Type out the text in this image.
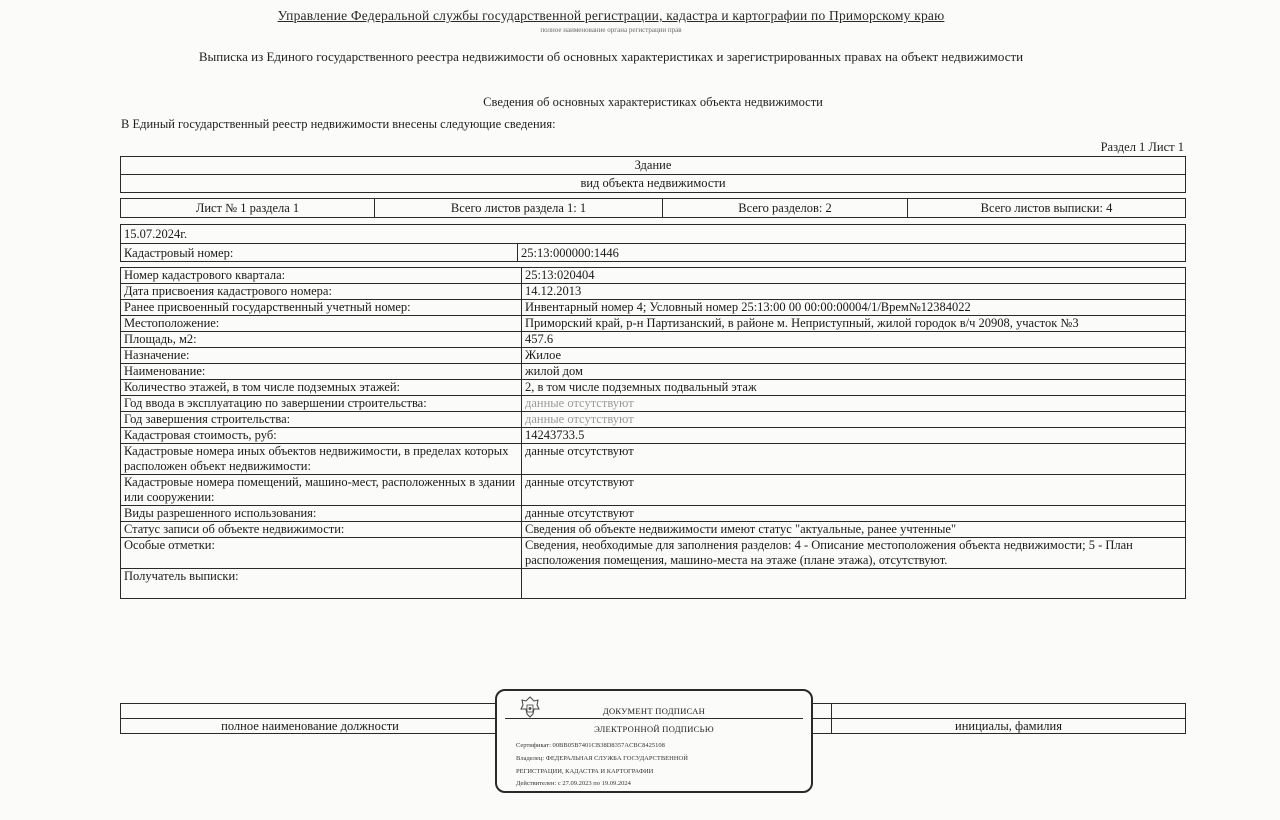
Управление Федеральной службы государственной регистрации, кадастра и картографии по Приморскому краю
полное наименование органа регистрации прав
Выписка из Единого государственного реестра недвижимости об основных характеристиках и зарегистрированных правах на объект недвижимости
Сведения об основных характеристиках объекта недвижимости
В Единый государственный реестр недвижимости внесены следующие сведения:
Раздел 1 Лист 1
Здание
вид объекта недвижимости
Лист № 1 раздела 1	Всего листов раздела 1: 1	Всего разделов: 2	Всего листов выписки: 4
15.07.2024г.
Кадастровый номер:	25:13:000000:1446
Номер кадастрового квартала:	25:13:020404
Дата присвоения кадастрового номера:	14.12.2013
Ранее присвоенный государственный учетный номер:	Инвентарный номер 4; Условный номер 25:13:00 00 00:00:00004/1/Врем№12384022
Местоположение:	Приморский край, р-н Партизанский, в районе м. Неприступный, жилой городок в/ч 20908, участок №3
Площадь, м2:	457.6
Назначение:	Жилое
Наименование:	жилой дом
Количество этажей, в том числе подземных этажей:	2, в том числе подземных подвальный этаж
Год ввода в эксплуатацию по завершении строительства:	данные отсутствуют
Год завершения строительства:	данные отсутствуют
Кадастровая стоимость, руб:	14243733.5
Кадастровые номера иных объектов недвижимости, в пределах которых расположен объект недвижимости:	данные отсутствуют
Кадастровые номера помещений, машино-мест, расположенных в здании или сооружении:	данные отсутствуют
Виды разрешенного использования:	данные отсутствуют
Статус записи об объекте недвижимости:	Сведения об объекте недвижимости имеют статус "актуальные, ранее учтенные"
Особые отметки:	Сведения, необходимые для заполнения разделов: 4 - Описание местоположения объекта недвижимости; 5 - План расположения помещения, машино-места на этаже (плане этажа), отсутствуют.
Получатель выписки:	

полное наименование должности		инициалы, фамилия
ДОКУМЕНТ ПОДПИСАН
ЭЛЕКТРОННОЙ ПОДПИСЬЮ
Сертификат: 00BB05B7401CB38D8357ACBC8425108
Владелец: ФЕДЕРАЛЬНАЯ СЛУЖБА ГОСУДАРСТВЕННОЙ
РЕГИСТРАЦИИ, КАДАСТРА И КАРТОГРАФИИ
Действителен: с 27.09.2023 по 19.09.2024
